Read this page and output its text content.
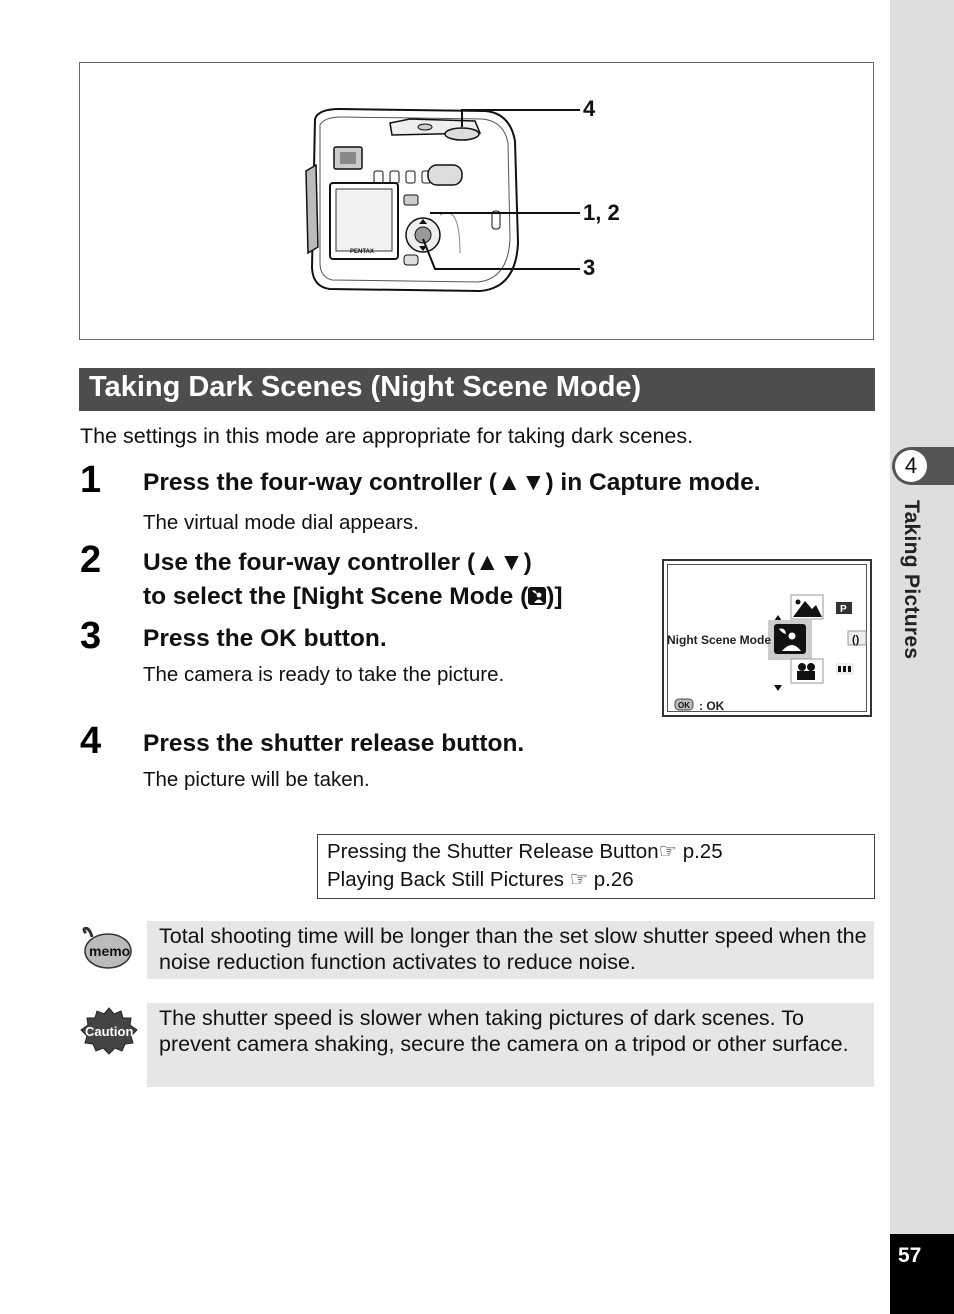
4
Taking Pictures
57
PENTAX
4
1, 2
3
Taking Dark Scenes (Night Scene Mode)
The settings in this mode are appropriate for taking dark scenes.
1 Press the four-way controller (▲▼) in Capture mode.
The virtual mode dial appears.
2 Use the four-way controller (▲▼)
to select the [Night Scene Mode ( )]
3 Press the OK button.
The camera is ready to take the picture.
P
()
OK
Night Scene Mode
: OK
4 Press the shutter release button.
The picture will be taken.
Pressing the Shutter Release Button☞ p.25
Playing Back Still Pictures ☞ p.26
memo
Total shooting time will be longer than the set slow shutter speed when the noise reduction function activates to reduce noise.
Caution
The shutter speed is slower when taking pictures of dark scenes. To prevent camera shaking, secure the camera on a tripod or other surface.
